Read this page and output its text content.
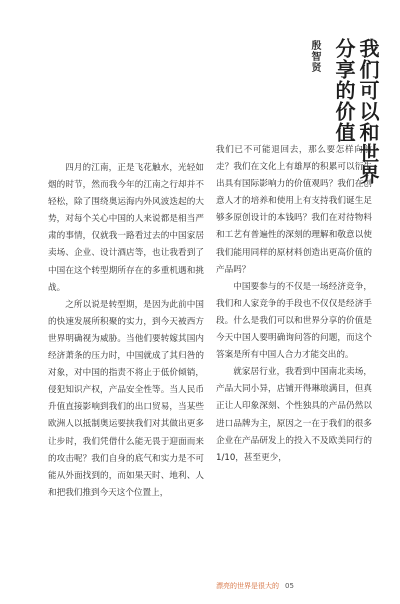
我们可以和世界
分享的价值
殷智贤

四月的江南，正是飞花触水，光轻如烟的时节，然而我今年的江南之行却并不轻松，除了围绕奥运海内外风波迭起的大势，对每个关心中国的人来说都是相当严肃的事情，仅就我一路看过去的中国家居卖场、企业、设计酒店等，也让我看到了中国在这个转型期所存在的多重机遇和挑战。

之所以说是转型期，是因为此前中国的快速发展所积聚的实力，到今天被西方世界明确视为威胁。当他们要转嫁其国内经济萧条的压力时，中国就成了其归咎的对象，对中国的指责不将止于低价倾销，侵犯知识产权，产品安全性等。当人民币升值直接影响到我们的出口贸易，当某些欧洲人以抵制奥运要挟我们对其做出更多让步时，我们凭借什么能无畏于迎面而来的攻击呢？我们自身的底气和实力是不可能从外面找到的，而如果天时、地利、人和把我们推到今天这个位置上，

我们已不可能退回去，那么要怎样向前走？我们在文化上有雄厚的积累可以衍生出具有国际影响力的价值观吗？我们在创意人才的培养和使用上有支持我们诞生足够多原创设计的本钱吗？我们在对待物料和工艺有普遍性的深刻的理解和敬意以使我们能用同样的原材料创造出更高价值的产品吗？

中国要参与的不仅是一场经济竞争，我们和人家竞争的手段也不仅仅是经济手段。什么是我们可以和世界分享的价值是今天中国人要明确询问答的问题，而这个答案是所有中国人合力才能交出的。

就家居行业，我看到中国南北卖场，产品大同小异，店铺开得琳琅满目，但真正让人印象深刻、个性独具的产品仍然以进口品牌为主，原因之一在于我们的很多企业在产品研发上的投入不及欧美同行的1/10，甚至更少，

漂亮的世界是很大的 05
